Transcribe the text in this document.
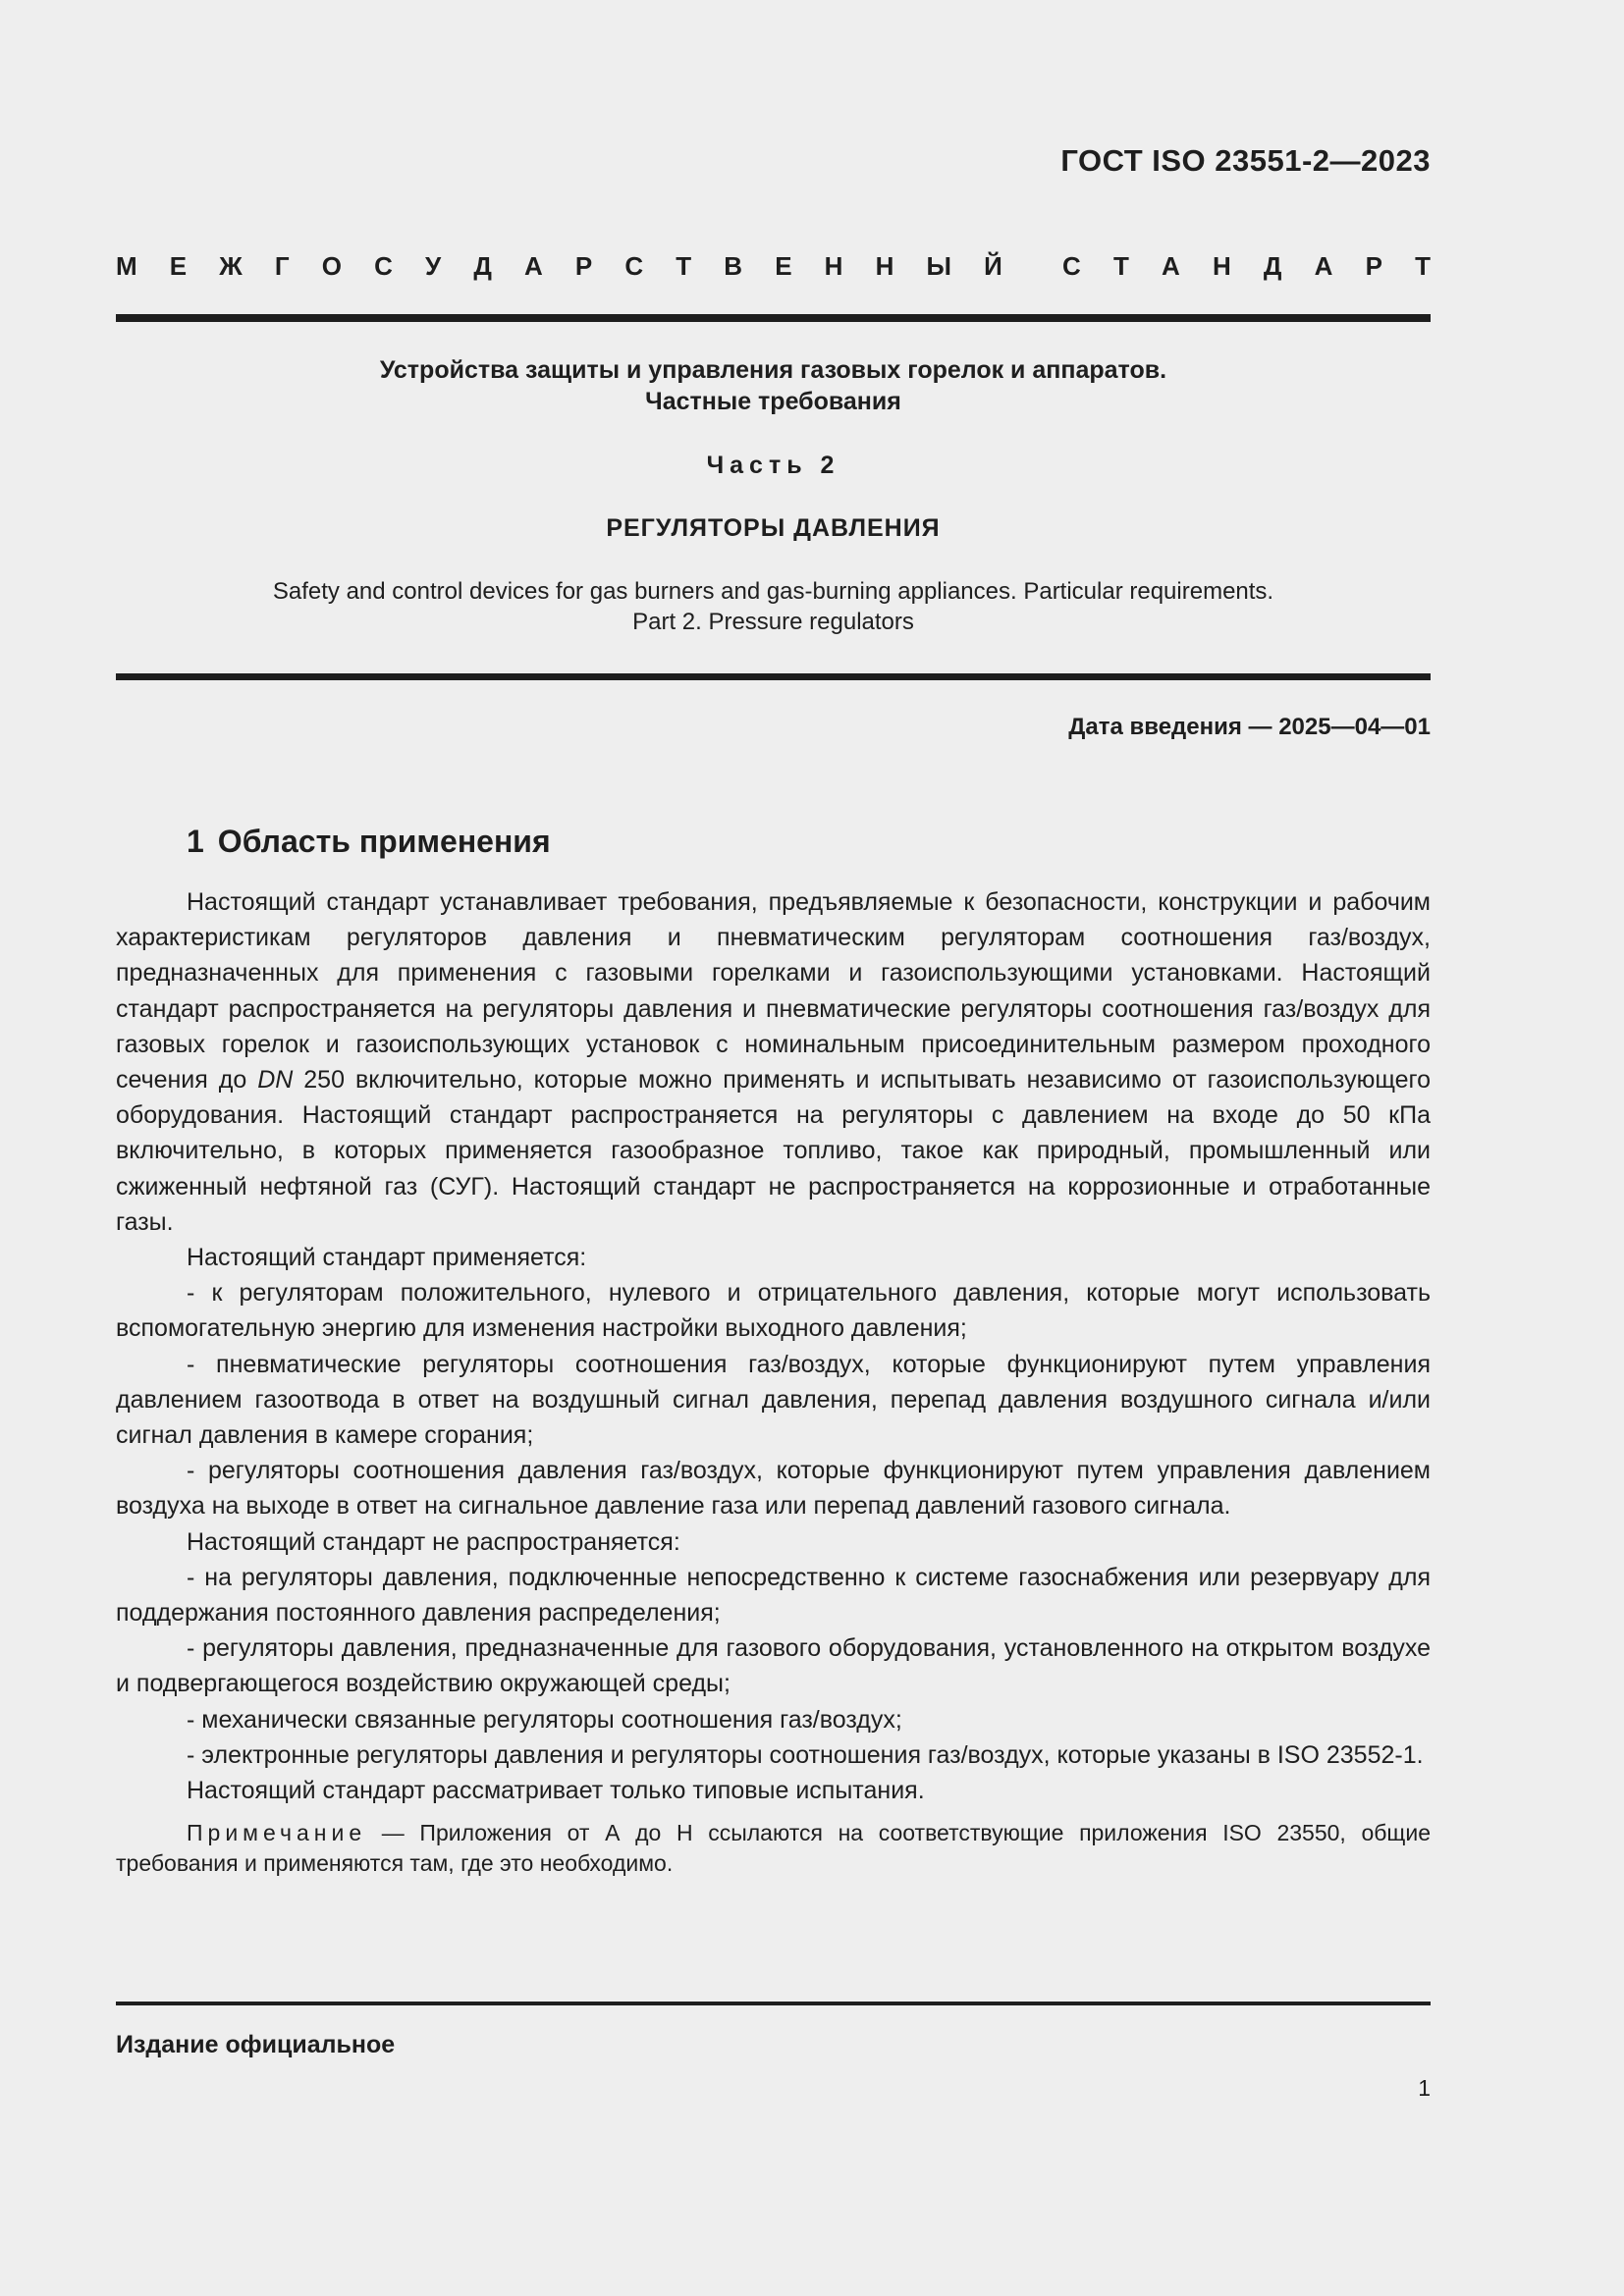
ГОСТ ISO 23551-2—2023
М Е Ж Г О С У Д А Р С Т В Е Н Н Ы Й С Т А Н Д А Р Т
Устройства защиты и управления газовых горелок и аппаратов.
Частные требования
Часть 2
РЕГУЛЯТОРЫ ДАВЛЕНИЯ
Safety and control devices for gas burners and gas-burning appliances. Particular requirements.
Part 2. Pressure regulators
Дата введения — 2025—04—01
1 Область применения

Настоящий стандарт устанавливает требования, предъявляемые к безопасности, конструкции и рабочим характеристикам регуляторов давления и пневматическим регуляторам соотношения газ/воздух, предназначенных для применения с газовыми горелками и газоиспользующими установками. Настоящий стандарт распространяется на регуляторы давления и пневматические регуляторы соотношения газ/воздух для газовых горелок и газоиспользующих установок с номинальным присоединительным размером проходного сечения до DN 250 включительно, которые можно применять и испытывать независимо от газоиспользующего оборудования. Настоящий стандарт распространяется на регуляторы с давлением на входе до 50 кПа включительно, в которых применяется газообразное топливо, такое как природный, промышленный или сжиженный нефтяной газ (СУГ). Настоящий стандарт не распространяется на коррозионные и отработанные газы.

Настоящий стандарт применяется:

- к регуляторам положительного, нулевого и отрицательного давления, которые могут использовать вспомогательную энергию для изменения настройки выходного давления;

- пневматические регуляторы соотношения газ/воздух, которые функционируют путем управления давлением газоотвода в ответ на воздушный сигнал давления, перепад давления воздушного сигнала и/или сигнал давления в камере сгорания;

- регуляторы соотношения давления газ/воздух, которые функционируют путем управления давлением воздуха на выходе в ответ на сигнальное давление газа или перепад давлений газового сигнала.

Настоящий стандарт не распространяется:

- на регуляторы давления, подключенные непосредственно к системе газоснабжения или резервуару для поддержания постоянного давления распределения;

- регуляторы давления, предназначенные для газового оборудования, установленного на открытом воздухе и подвергающегося воздействию окружающей среды;

- механически связанные регуляторы соотношения газ/воздух;

- электронные регуляторы давления и регуляторы соотношения газ/воздух, которые указаны в ISO 23552-1.

Настоящий стандарт рассматривает только типовые испытания.

Примечание — Приложения от А до Н ссылаются на соответствующие приложения ISO 23550, общие требования и применяются там, где это необходимо.

Издание официальное
1
